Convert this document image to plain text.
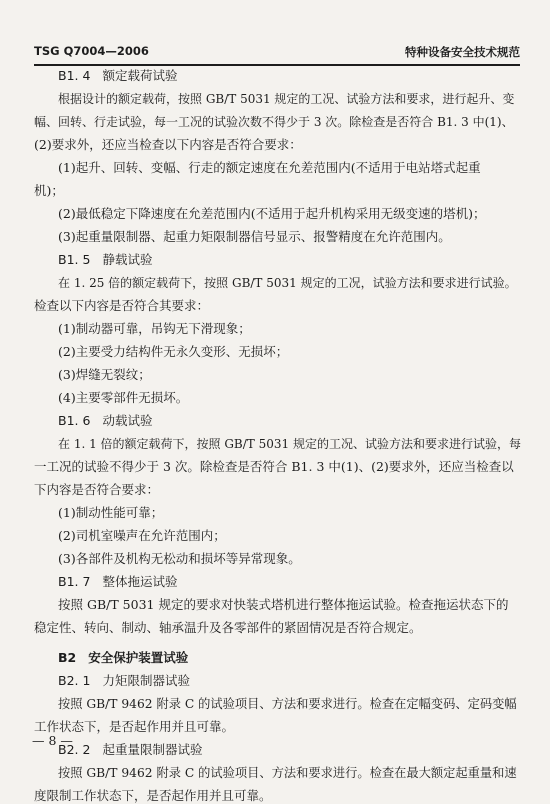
TSG Q7004—2006	特种设备安全技术规范
B1. 4 额定载荷试验
根据设计的额定载荷，按照 GB/T 5031 规定的工况、试验方法和要求，进行起升、变
幅、回转、行走试验，每一工况的试验次数不得少于 3 次。除检查是否符合 B1. 3 中(1)、
(2)要求外，还应当检查以下内容是否符合要求：
(1)起升、回转、变幅、行走的额定速度在允差范围内(不适用于电站塔式起重
机)；
(2)最低稳定下降速度在允差范围内(不适用于起升机构采用无级变速的塔机)；
(3)起重量限制器、起重力矩限制器信号显示、报警精度在允许范围内。
B1. 5 静载试验
在 1. 25 倍的额定载荷下，按照 GB/T 5031 规定的工况，试验方法和要求进行试验。
检查以下内容是否符合其要求：
(1)制动器可靠，吊钩无下滑现象；
(2)主要受力结构件无永久变形、无损坏；
(3)焊缝无裂纹；
(4)主要零部件无损坏。
B1. 6 动载试验
在 1. 1 倍的额定载荷下，按照 GB/T 5031 规定的工况、试验方法和要求进行试验，每
一工况的试验不得少于 3 次。除检查是否符合 B1. 3 中(1)、(2)要求外，还应当检查以
下内容是否符合要求：
(1)制动性能可靠；
(2)司机室噪声在允许范围内；
(3)各部件及机构无松动和损坏等异常现象。
B1. 7 整体拖运试验
按照 GB/T 5031 规定的要求对快装式塔机进行整体拖运试验。检查拖运状态下的
稳定性、转向、制动、轴承温升及各零部件的紧固情况是否符合规定。
B2 安全保护装置试验
B2. 1 力矩限制器试验
按照 GB/T 9462 附录 C 的试验项目、方法和要求进行。检查在定幅变码、定码变幅
工作状态下，是否起作用并且可靠。
B2. 2 起重量限制器试验
按照 GB/T 9462 附录 C 的试验项目、方法和要求进行。检查在最大额定起重量和速
度限制工作状态下，是否起作用并且可靠。
— 8 —
